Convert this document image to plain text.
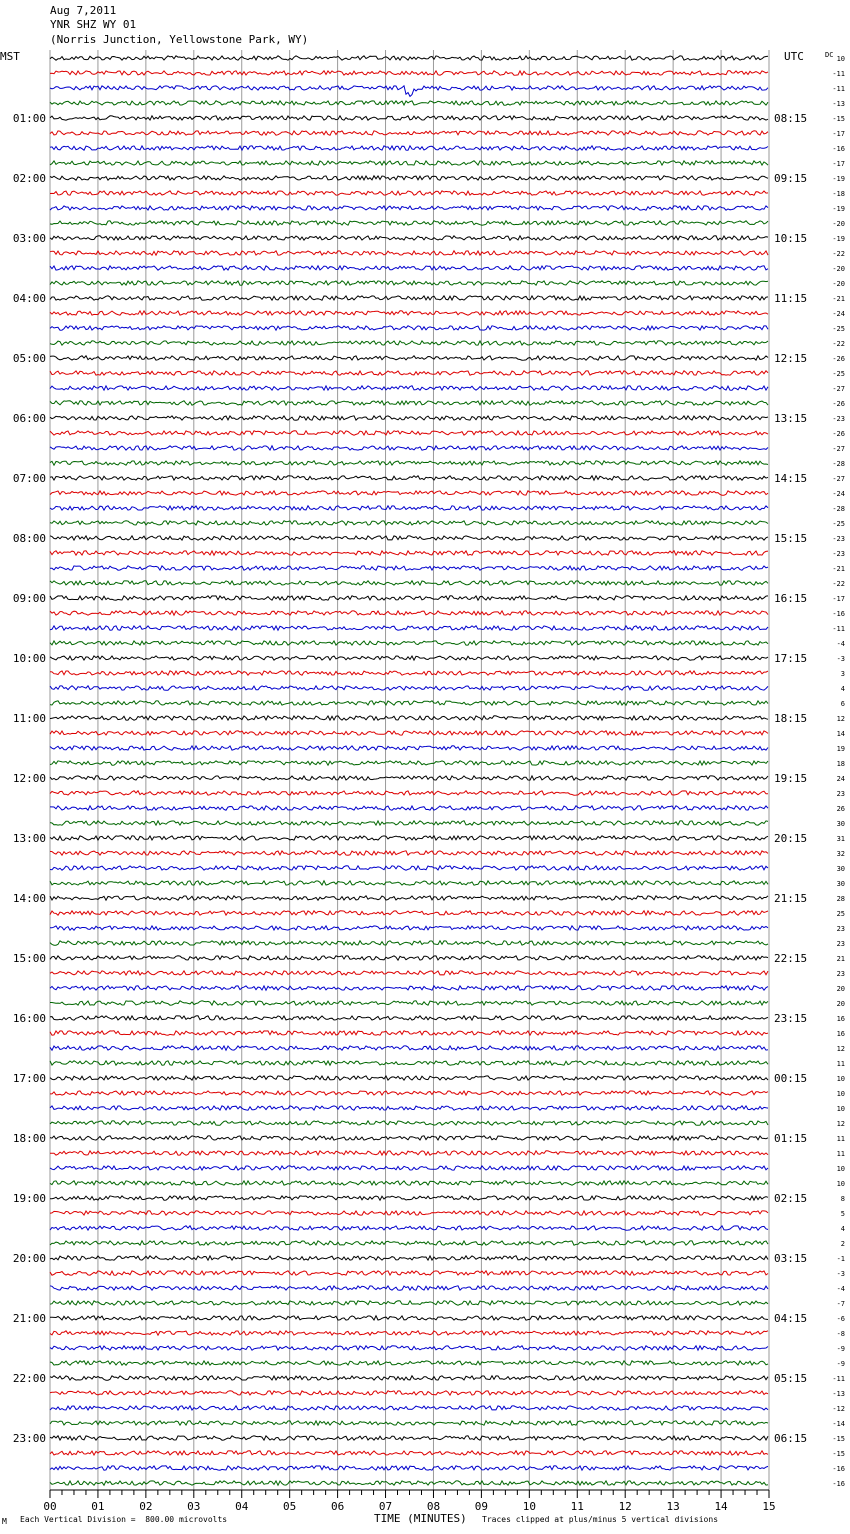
Aug 7,2011
YNR SHZ WY 01
(Norris Junction, Yellowstone Park, WY)
MST	UTC
01:00
02:00
03:00
04:00
05:00
06:00
07:00
08:00
09:00
10:00
11:00
12:00
13:00
14:00
15:00
16:00
17:00
18:00
19:00
20:00
21:00
22:00
23:00
08:15
09:15
10:15
11:15
12:15
13:15
14:15
15:15
16:15
17:15
18:15
19:15
20:15
21:15
22:15
23:15
00:15
01:15
02:15
03:15
04:15
05:15
06:15
DC 10
-11
-11
-13
-15
-17
-16
-17
-19
-18
-19
-20
-19
-22
-20
-20
-21
-24
-25
-22
-26
-25
-27
-26
-23
-26
-27
-28
-27
-24
-28
-25
-23
-23
-21
-22
-17
-16
-11
-4
-3
3
4
6
12
14
19
18
24
23
26
30
31
32
30
30
28
25
23
23
21
23
20
20
16
16
12
11
10
10
10
12
11
11
10
10
8
5
4
2
-1
-3
-4
-7
-6
-8
-9
-9
-11
-13
-12
-14
-15
-15
-16
-16
00	01	02	03	04	05	06	07	08	09	10	11	12	13	14	15
Each Vertical Division =  800.00 microvolts	TIME (MINUTES) Traces clipped at plus/minus 5 vertical divisions
M
